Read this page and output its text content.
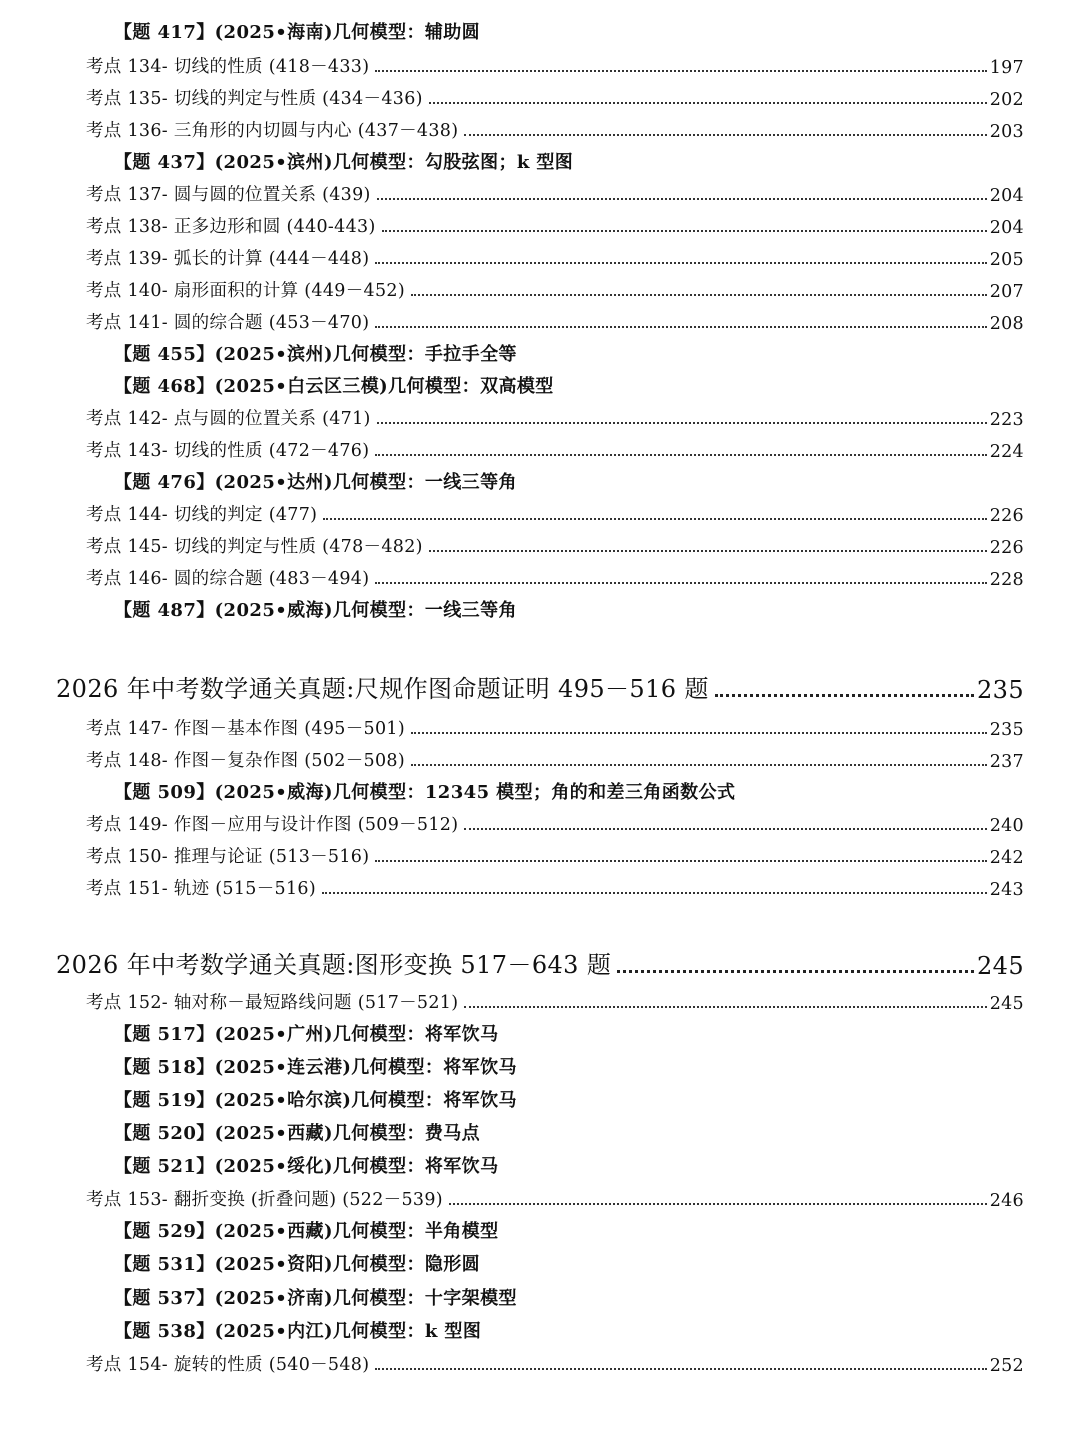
【题 417】(2025•海南)几何模型：辅助圆
考点 134- 切线的性质 (418－433)	197
考点 135- 切线的判定与性质 (434－436)	202
考点 136- 三角形的内切圆与内心 (437－438)	203
【题 437】(2025•滨州)几何模型：勾股弦图；k 型图
考点 137- 圆与圆的位置关系 (439)	204
考点 138- 正多边形和圆 (440-443)	204
考点 139- 弧长的计算 (444－448)	205
考点 140- 扇形面积的计算 (449－452)	207
考点 141- 圆的综合题 (453－470)	208
【题 455】(2025•滨州)几何模型：手拉手全等
【题 468】(2025•白云区三模)几何模型：双高模型
考点 142- 点与圆的位置关系 (471)	223
考点 143- 切线的性质 (472－476)	224
【题 476】(2025•达州)几何模型：一线三等角
考点 144- 切线的判定 (477)	226
考点 145- 切线的判定与性质 (478－482)	226
考点 146- 圆的综合题 (483－494)	228
【题 487】(2025•威海)几何模型：一线三等角
2026 年中考数学通关真题:尺规作图命题证明 495－516 题	235
考点 147- 作图－基本作图 (495－501)	235
考点 148- 作图－复杂作图 (502－508)	237
【题 509】(2025•威海)几何模型：12345 模型；角的和差三角函数公式
考点 149- 作图－应用与设计作图 (509－512)	240
考点 150- 推理与论证 (513－516)	242
考点 151- 轨迹 (515－516)	243
2026 年中考数学通关真题:图形变换 517－643 题	245
考点 152- 轴对称－最短路线问题 (517－521)	245
【题 517】(2025•广州)几何模型：将军饮马
【题 518】(2025•连云港)几何模型：将军饮马
【题 519】(2025•哈尔滨)几何模型：将军饮马
【题 520】(2025•西藏)几何模型：费马点
【题 521】(2025•绥化)几何模型：将军饮马
考点 153- 翻折变换 (折叠问题) (522－539)	246
【题 529】(2025•西藏)几何模型：半角模型
【题 531】(2025•资阳)几何模型：隐形圆
【题 537】(2025•济南)几何模型：十字架模型
【题 538】(2025•内江)几何模型：k 型图
考点 154- 旋转的性质 (540－548)	252
